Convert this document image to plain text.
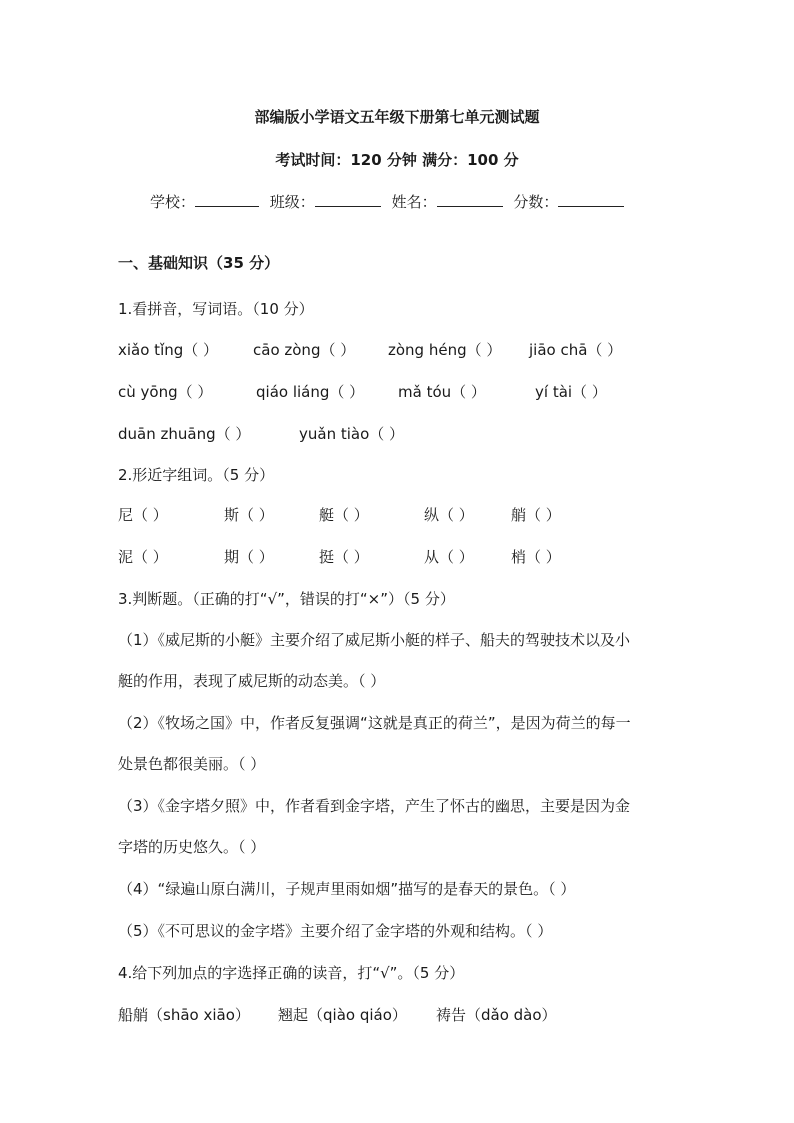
部编版小学语文五年级下册第七单元测试题
考试时间：120 分钟 满分：100 分
学校：	班级：	姓名：	分数：
一、基础知识（35 分）
1.看拼音，写词语。（10 分）
xiǎo tǐng（ ） cāo zòng（ ） zòng héng（ ） jiāo chā（ ）
cù yōng（ ）	qiáo liáng（ ） mǎ tóu（ ）	yí tài（ ）
duān zhuāng（ ）	yuǎn tiào（ ）
2.形近字组词。（5 分）
尼（ ）	斯（ ）	艇（ ）	纵（ ） 艄（ ）
泥（ ）	期（ ）	挺（ ）	从（ ） 梢（ ）
3.判断题。（正确的打“√”，错误的打“×”）（5 分）
（1）《威尼斯的小艇》主要介绍了威尼斯小艇的样子、船夫的驾驶技术以及小
艇的作用，表现了威尼斯的动态美。（ ）
（2）《牧场之国》中，作者反复强调“这就是真正的荷兰”，是因为荷兰的每一
处景色都很美丽。（ ）
（3）《金字塔夕照》中，作者看到金字塔，产生了怀古的幽思，主要是因为金
字塔的历史悠久。（ ）
（4）“绿遍山原白满川，子规声里雨如烟”描写的是春天的景色。（ ）
（5）《不可思议的金字塔》主要介绍了金字塔的外观和结构。（ ）
4.给下列加点的字选择正确的读音，打“√”。（5 分）
船艄（shāo xiāo） 翘起（qiào qiáo） 祷告（dǎo dào）
